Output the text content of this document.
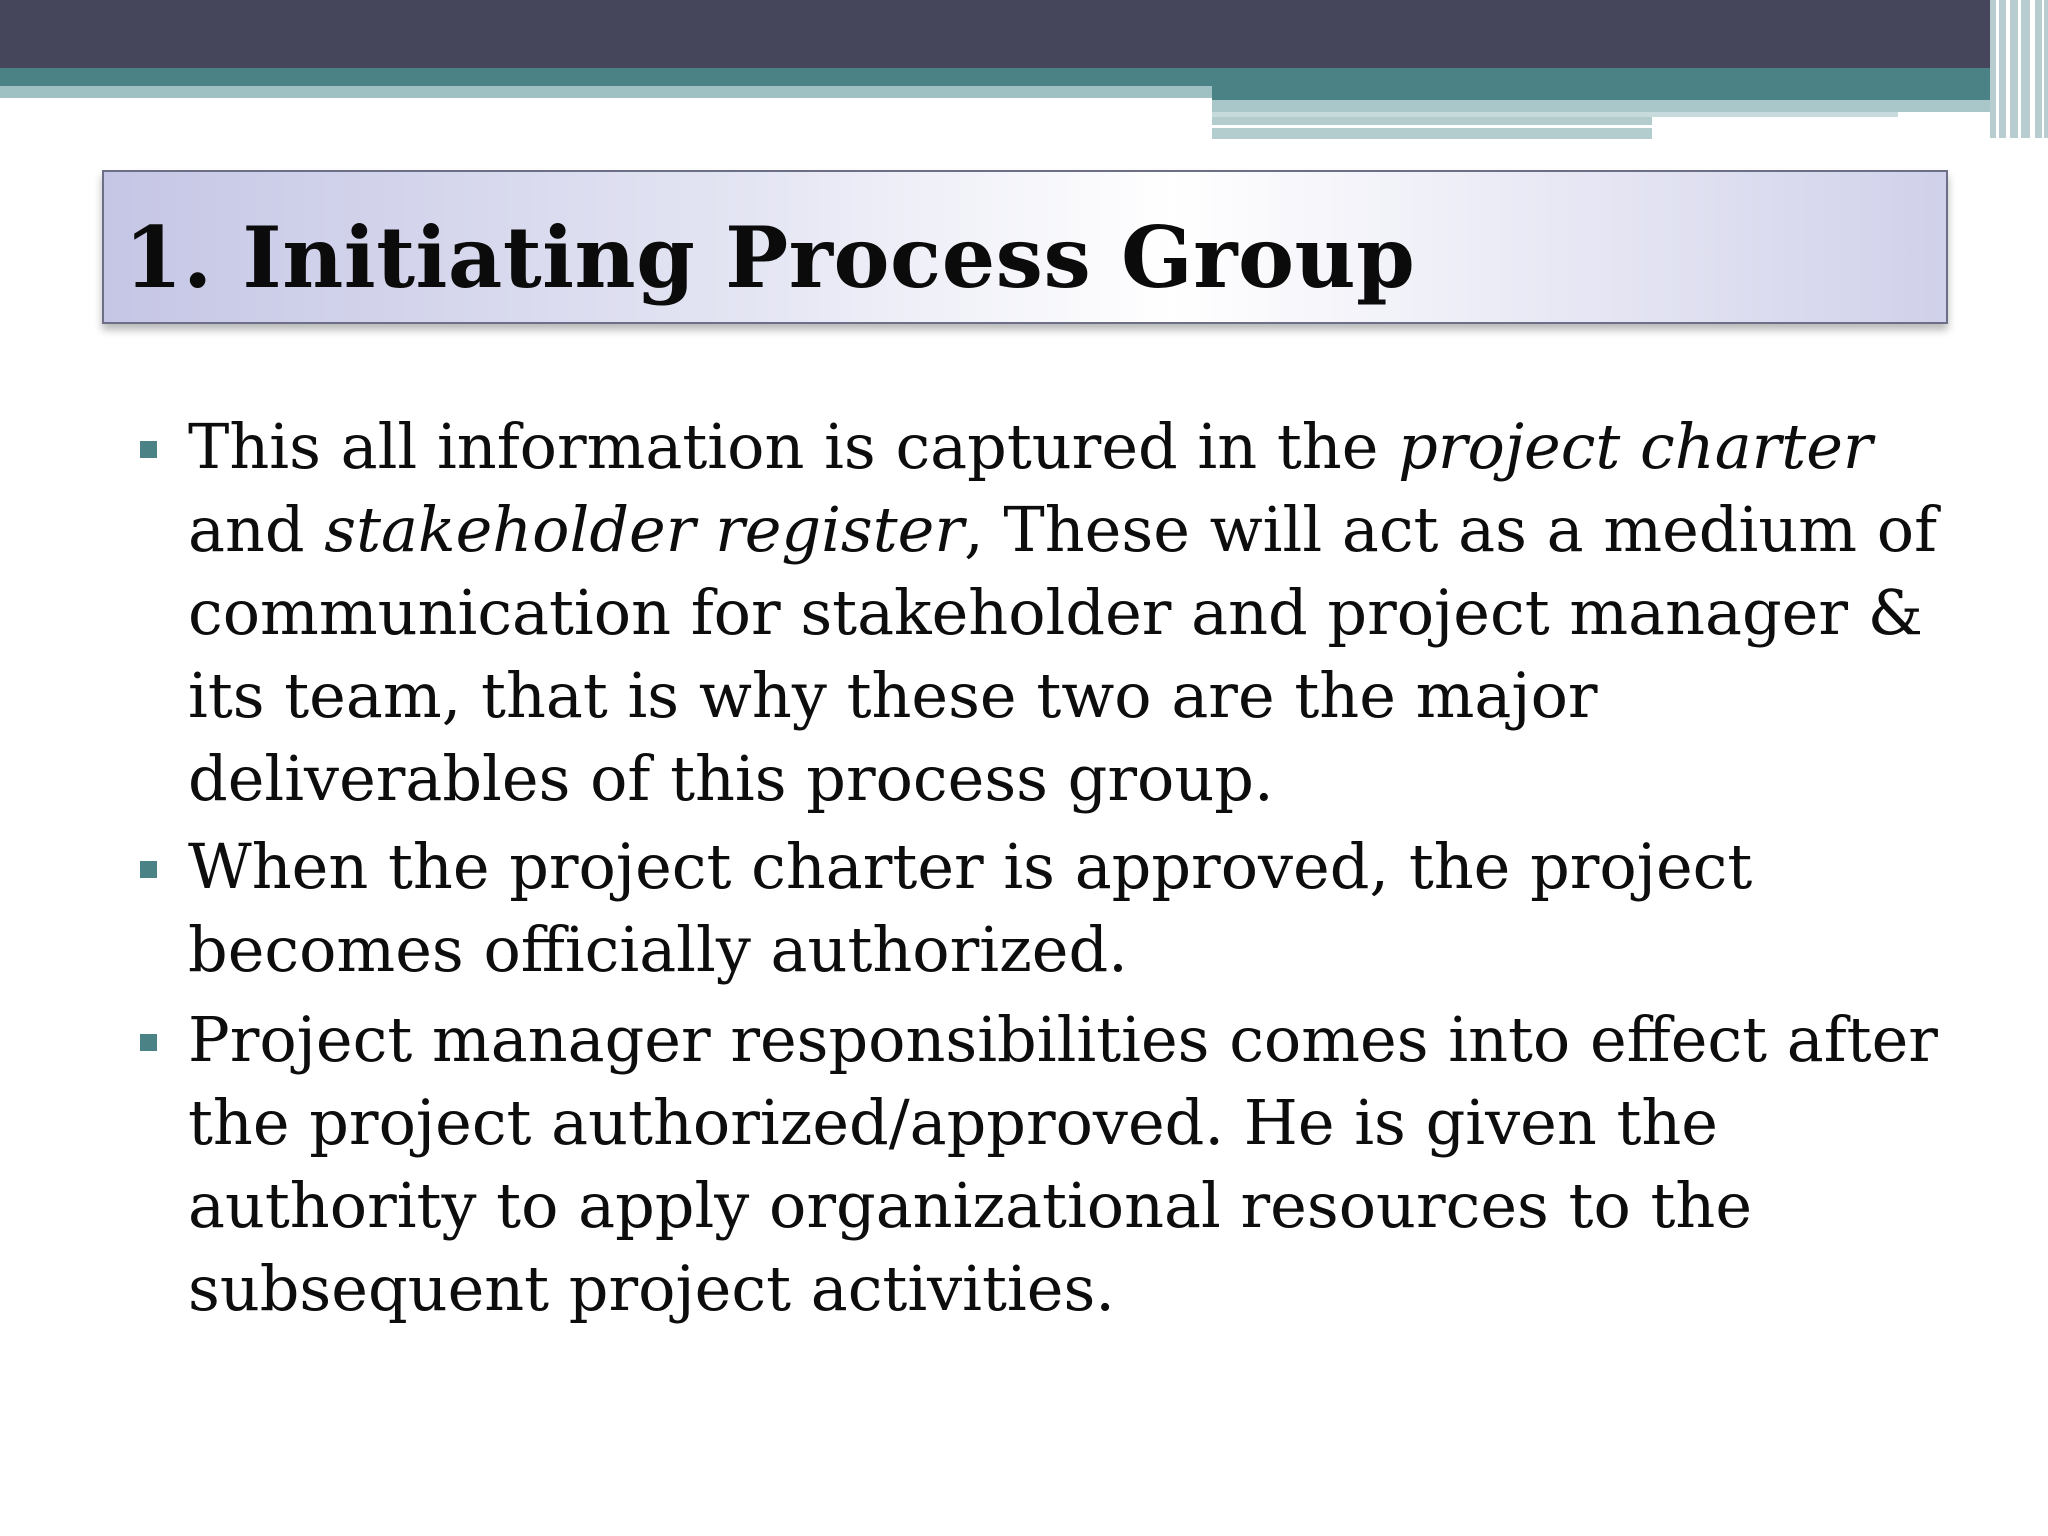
1. Initiating Process Group
This all information is captured in the project charter and stakeholder register, These will act as a medium of communication for stakeholder and project manager & its team, that is why these two are the major deliverables of this process group.
When the project charter is approved, the project becomes officially authorized.
Project manager responsibilities comes into effect after the project authorized/approved. He is given the authority to apply organizational resources to the subsequent project activities.
